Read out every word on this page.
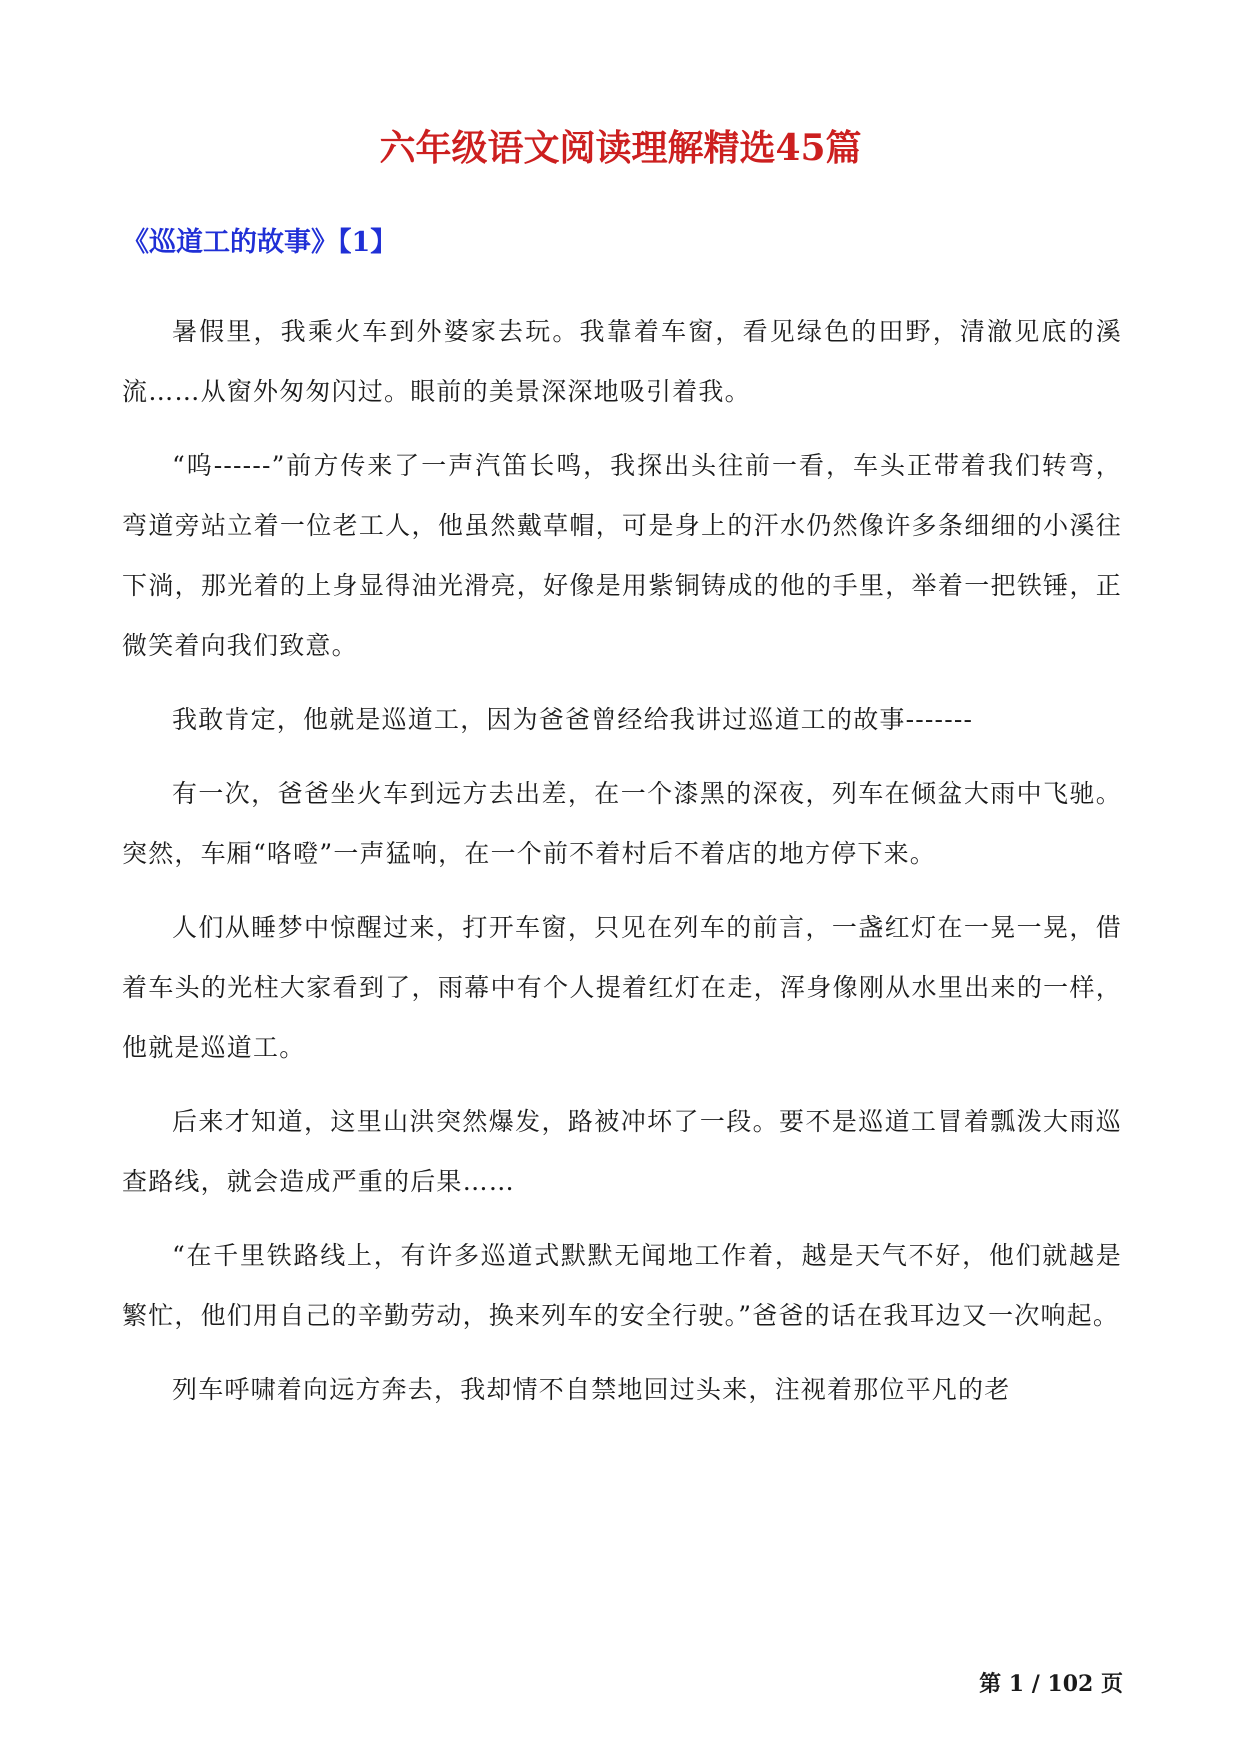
六年级语文阅读理解精选45篇
《巡道工的故事》【1】

暑假里，我乘火车到外婆家去玩。我靠着车窗，看见绿色的田野，清澈见底的溪流……从窗外匆匆闪过。眼前的美景深深地吸引着我。

“呜------”前方传来了一声汽笛长鸣，我探出头往前一看，车头正带着我们转弯，弯道旁站立着一位老工人，他虽然戴草帽，可是身上的汗水仍然像许多条细细的小溪往下淌，那光着的上身显得油光滑亮，好像是用紫铜铸成的他的手里，举着一把铁锤，正微笑着向我们致意。

我敢肯定，他就是巡道工，因为爸爸曾经给我讲过巡道工的故事-------

有一次，爸爸坐火车到远方去出差，在一个漆黑的深夜，列车在倾盆大雨中飞驰。突然，车厢“咯噔”一声猛响，在一个前不着村后不着店的地方停下来。

人们从睡梦中惊醒过来，打开车窗，只见在列车的前言，一盏红灯在一晃一晃，借着车头的光柱大家看到了，雨幕中有个人提着红灯在走，浑身像刚从水里出来的一样，他就是巡道工。

后来才知道，这里山洪突然爆发，路被冲坏了一段。要不是巡道工冒着瓢泼大雨巡查路线，就会造成严重的后果……

“在千里铁路线上，有许多巡道式默默无闻地工作着，越是天气不好，他们就越是繁忙，他们用自己的辛勤劳动，换来列车的安全行驶。”爸爸的话在我耳边又一次响起。

列车呼啸着向远方奔去，我却情不自禁地回过头来，注视着那位平凡的老

第 1 / 102 页
